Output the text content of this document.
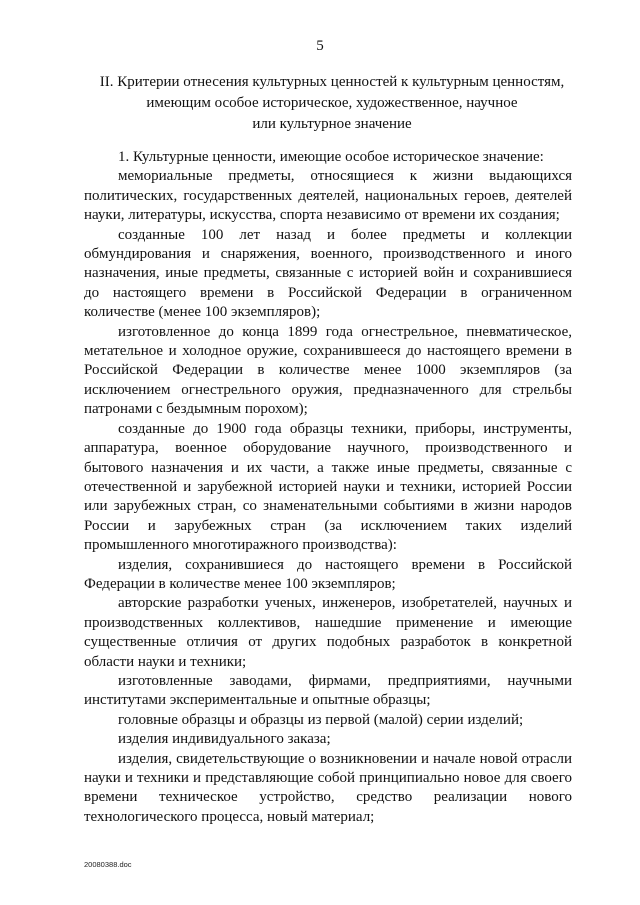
5
II. Критерии отнесения культурных ценностей к культурным ценностям,
имеющим особое историческое, художественное, научное
или культурное значение

1. Культурные ценности, имеющие особое историческое значение:

мемориальные предметы, относящиеся к жизни выдающихся политических, государственных деятелей, национальных героев, деятелей науки, литературы, искусства, спорта независимо от времени их создания;

созданные 100 лет назад и более предметы и коллекции обмундирования и снаряжения, военного, производственного и иного назначения, иные предметы, связанные с историей войн и сохранившиеся до настоящего времени в Российской Федерации в ограниченном количестве (менее 100 экземпляров);

изготовленное до конца 1899 года огнестрельное, пневматическое, метательное и холодное оружие, сохранившееся до настоящего времени в Российской Федерации в количестве менее 1000 экземпляров (за исключением огнестрельного оружия, предназначенного для стрельбы патронами с бездымным порохом);

созданные до 1900 года образцы техники, приборы, инструменты, аппаратура, военное оборудование научного, производственного и бытового назначения и их части, а также иные предметы, связанные с отечественной и зарубежной историей науки и техники, историей России или зарубежных стран, со знаменательными событиями в жизни народов России и зарубежных стран (за исключением таких изделий промышленного многотиражного производства):

изделия, сохранившиеся до настоящего времени в Российской Федерации в количестве менее 100 экземпляров;

авторские разработки ученых, инженеров, изобретателей, научных и производственных коллективов, нашедшие применение и имеющие существенные отличия от других подобных разработок в конкретной области науки и техники;

изготовленные заводами, фирмами, предприятиями, научными институтами экспериментальные и опытные образцы;

головные образцы и образцы из первой (малой) серии изделий;

изделия индивидуального заказа;

изделия, свидетельствующие о возникновении и начале новой отрасли науки и техники и представляющие собой принципиально новое для своего времени техническое устройство, средство реализации нового технологического процесса, новый материал;

20080388.doc
